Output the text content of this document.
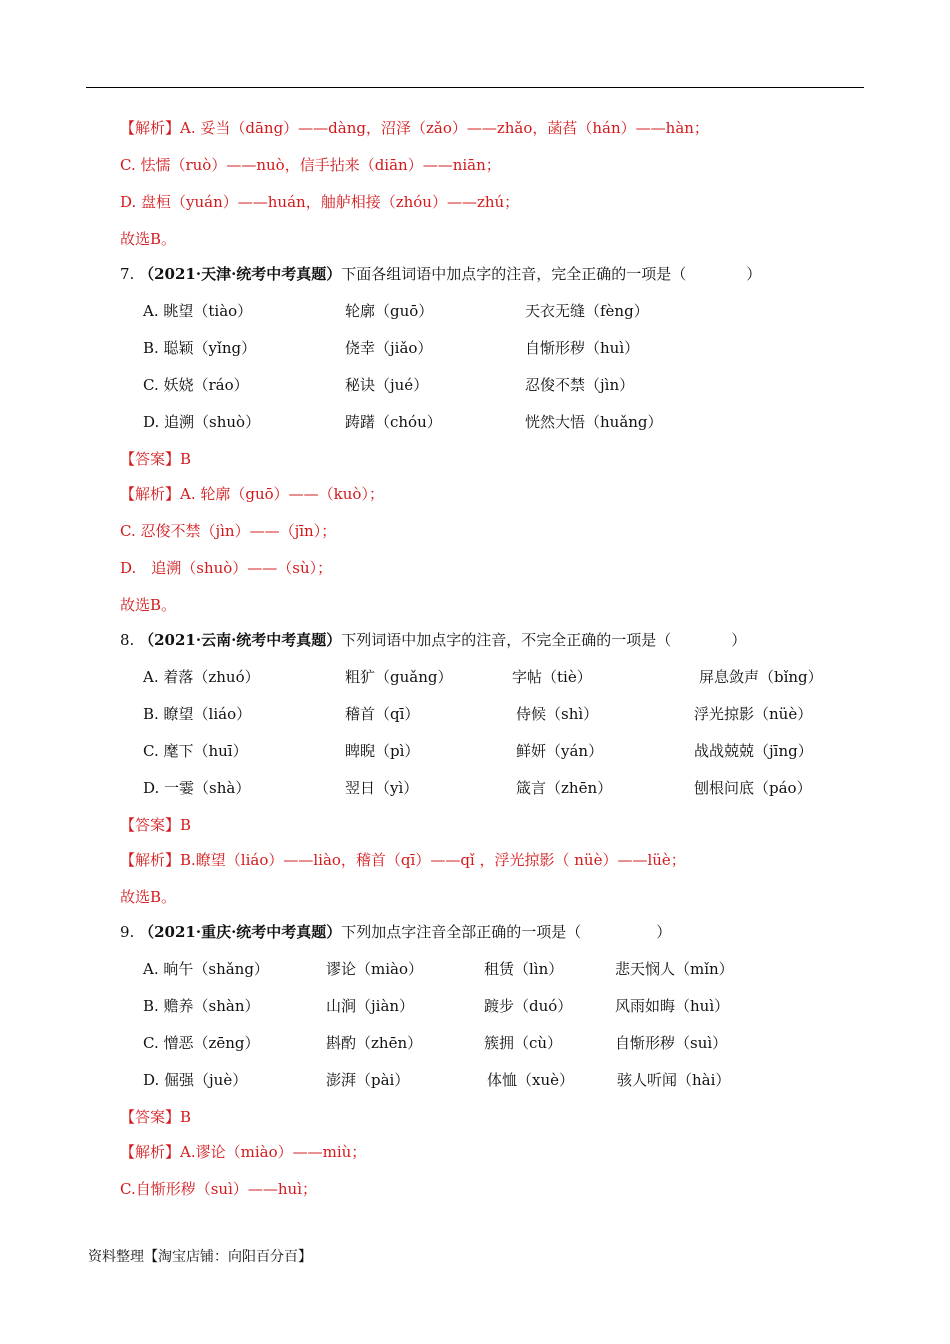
【解析】A. 妥当（dāng）——dàng，沼泽（zǎo）——zhǎo，菡萏（hán）——hàn；
C. 怯懦（ruò）——nuò，信手拈来（diān）——niān；
D. 盘桓（yuán）——huán，舳舻相接（zhóu）——zhú；
故选B。
7. （2021·天津·统考中考真题）下面各组词语中加点字的注音，完全正确的一项是（　　　　）
A. 眺望（tiào）	轮廓（guō）	天衣无缝（fèng）
B. 聪颖（yǐng）	侥幸（jiǎo）	自惭形秽（huì）
C. 妖娆（ráo）	秘诀（jué）	忍俊不禁（jìn）
D. 追溯（shuò）	踌躇（chóu）	恍然大悟（huǎng）
【答案】B
【解析】A. 轮廓（guō）——（kuò）；
C. 忍俊不禁（jìn）——（jīn）；
D.　追溯（shuò）——（sù）；
故选B。
8. （2021·云南·统考中考真题）下列词语中加点字的注音，不完全正确的一项是（　　　　）
A. 着落（zhuó）	粗犷（guǎng）	字帖（tiè）	屏息敛声（bǐng）
B. 瞭望（liáo）	稽首（qī）	侍候（shì）	浮光掠影（nüè）
C. 麾下（huī）	睥睨（pì）	鲜妍（yán）	战战兢兢（jīng）
D. 一霎（shà）	翌日（yì）	箴言（zhēn）	刨根问底（páo）
【答案】B
【解析】B.瞭望（liáo）——liào，稽首（qī）——qǐ ，浮光掠影（ nüè）——lüè；
故选B。
9. （2021·重庆·统考中考真题）下列加点字注音全部正确的一项是（　　　　　）
A. 晌午（shǎng）	谬论（miào）	租赁（lìn）	悲天悯人（mǐn）
B. 赡养（shàn）	山涧（jiàn）	踱步（duó）	风雨如晦（huì）
C. 憎恶（zēng）	斟酌（zhēn）	簇拥（cù）	自惭形秽（suì）
D. 倔强（juè）	澎湃（pài）	体恤（xuè）	骇人听闻（hài）
【答案】B
【解析】A.谬论（miào）——miù；
C.自惭形秽（suì）——huì；
资料整理【淘宝店铺：向阳百分百】
